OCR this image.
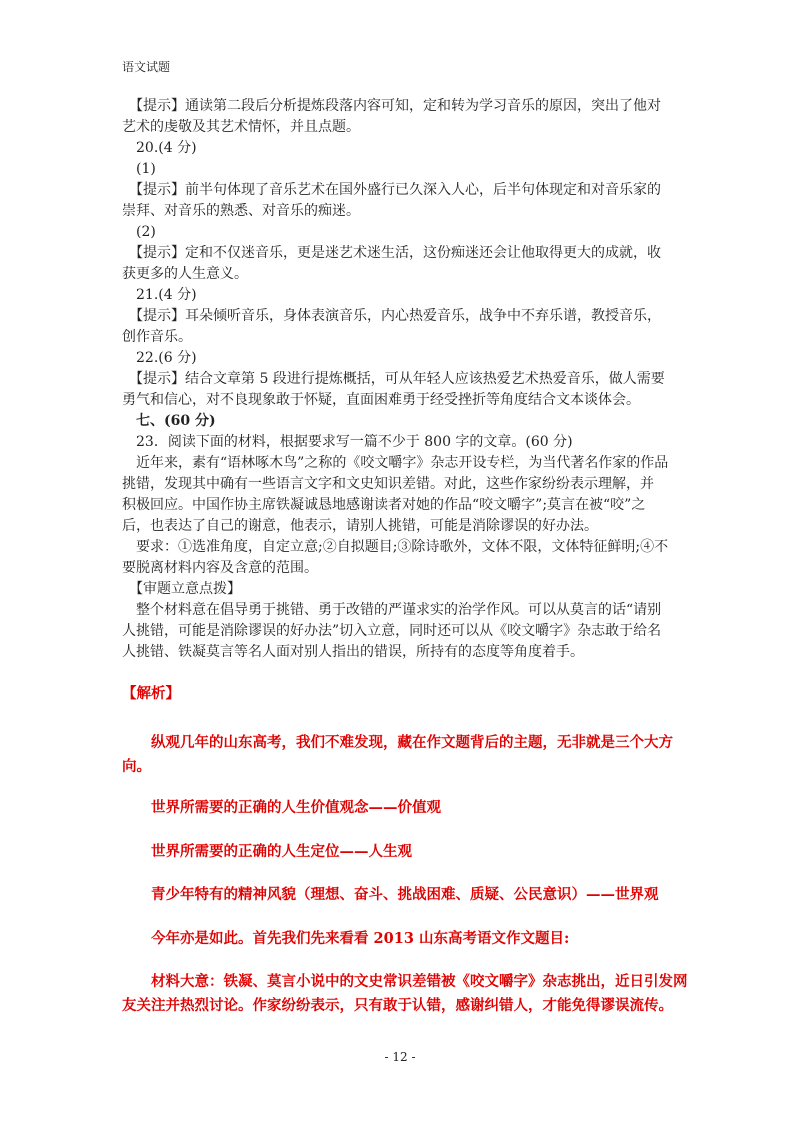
语文试题
　【提示】通读第二段后分析提炼段落内容可知，定和转为学习音乐的原因，突出了他对
艺术的虔敬及其艺术情怀，并且点题。
　20.(4 分)
　(1)
　【提示】前半句体现了音乐艺术在国外盛行已久深入人心，后半句体现定和对音乐家的
崇拜、对音乐的熟悉、对音乐的痴迷。
　(2)
　【提示】定和不仅迷音乐，更是迷艺术迷生活，这份痴迷还会让他取得更大的成就，收
获更多的人生意义。
　21.(4 分)
　【提示】耳朵倾听音乐，身体表演音乐，内心热爱音乐，战争中不弃乐谱，教授音乐，
创作音乐。
　22.(6 分)
　【提示】结合文章第 5 段进行提炼概括，可从年轻人应该热爱艺术热爱音乐，做人需要
勇气和信心，对不良现象敢于怀疑，直面困难勇于经受挫折等角度结合文本谈体会。
　七、(60 分)
　23．阅读下面的材料，根据要求写一篇不少于 800 字的文章。(60 分)
　近年来，素有“语林啄木鸟”之称的《咬文嚼字》杂志开设专栏，为当代著名作家的作品
挑错，发现其中确有一些语言文字和文史知识差错。对此，这些作家纷纷表示理解，并
积极回应。中国作协主席铁凝诚恳地感谢读者对她的作品“咬文嚼字”;莫言在被“咬”之
后，也表达了自己的谢意，他表示，请别人挑错，可能是消除谬误的好办法。
　要求：①选准角度，自定立意;②自拟题目;③除诗歌外，文体不限，文体特征鲜明;④不
要脱离材料内容及含意的范围。
　【审题立意点拨】
　整个材料意在倡导勇于挑错、勇于改错的严谨求实的治学作风。可以从莫言的话“请别
人挑错，可能是消除谬误的好办法”切入立意，同时还可以从《咬文嚼字》杂志敢于给名
人挑错、铁凝莫言等名人面对别人指出的错误，所持有的态度等角度着手。
【解析】
　　纵观几年的山东高考，我们不难发现，藏在作文题背后的主题，无非就是三个大方
向。
　　世界所需要的正确的人生价值观念——价值观
　　世界所需要的正确的人生定位——人生观
　　青少年特有的精神风貌（理想、奋斗、挑战困难、质疑、公民意识）——世界观
　　今年亦是如此。首先我们先来看看 2013 山东高考语文作文题目:
　　材料大意：铁凝、莫言小说中的文史常识差错被《咬文嚼字》杂志挑出，近日引发网
友关注并热烈讨论。作家纷纷表示，只有敢于认错，感谢纠错人，才能免得谬误流传。
- 12 -
